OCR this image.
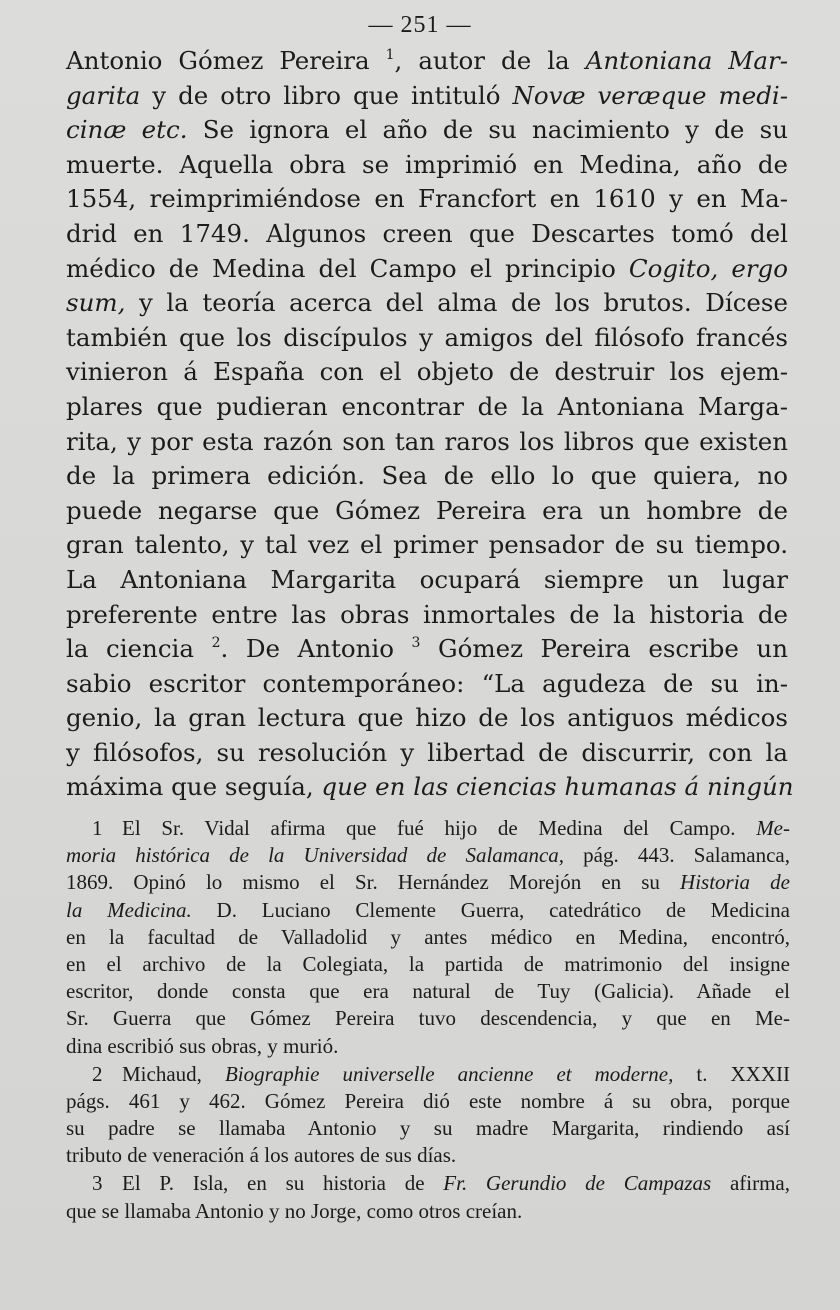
— 251 —
Antonio Gómez Pereira $^1$, autor de la Antoniana Mar-
garita y de otro libro que intituló Novæ veræque medi-
cinæ etc. Se ignora el año de su nacimiento y de su
muerte. Aquella obra se imprimió en Medina, año de
1554, reimprimiéndose en Francfort en 1610 y en Ma-
drid en 1749. Algunos creen que Descartes tomó del
médico de Medina del Campo el principio Cogito, ergo
sum, y la teoría acerca del alma de los brutos. Dícese
también que los discípulos y amigos del filósofo francés
vinieron á España con el objeto de destruir los ejem-
plares que pudieran encontrar de la Antoniana Marga-
rita, y por esta razón son tan raros los libros que existen
de la primera edición. Sea de ello lo que quiera, no
puede negarse que Gómez Pereira era un hombre de
gran talento, y tal vez el primer pensador de su tiempo.
La Antoniana Margarita ocupará siempre un lugar
preferente entre las obras inmortales de la historia de
la ciencia $^2$. De Antonio $^3$ Gómez Pereira escribe un
sabio escritor contemporáneo: “La agudeza de su in-
genio, la gran lectura que hizo de los antiguos médicos
y filósofos, su resolución y libertad de discurrir, con la
máxima que seguía, que en las ciencias humanas á ningún
1 El Sr. Vidal afirma que fué hijo de Medina del Campo. Me-
moria histórica de la Universidad de Salamanca, pág. 443. Salamanca,
1869. Opinó lo mismo el Sr. Hernández Morejón en su Historia de
la Medicina. D. Luciano Clemente Guerra, catedrático de Medicina
en la facultad de Valladolid y antes médico en Medina, encontró,
en el archivo de la Colegiata, la partida de matrimonio del insigne
escritor, donde consta que era natural de Tuy (Galicia). Añade el
Sr. Guerra que Gómez Pereira tuvo descendencia, y que en Me-
dina escribió sus obras, y murió.
2 Michaud, Biographie universelle ancienne et moderne, t. XXXII
págs. 461 y 462. Gómez Pereira dió este nombre á su obra, porque
su padre se llamaba Antonio y su madre Margarita, rindiendo así
tributo de veneración á los autores de sus días.
3 El P. Isla, en su historia de Fr. Gerundio de Campazas afirma,
que se llamaba Antonio y no Jorge, como otros creían.
